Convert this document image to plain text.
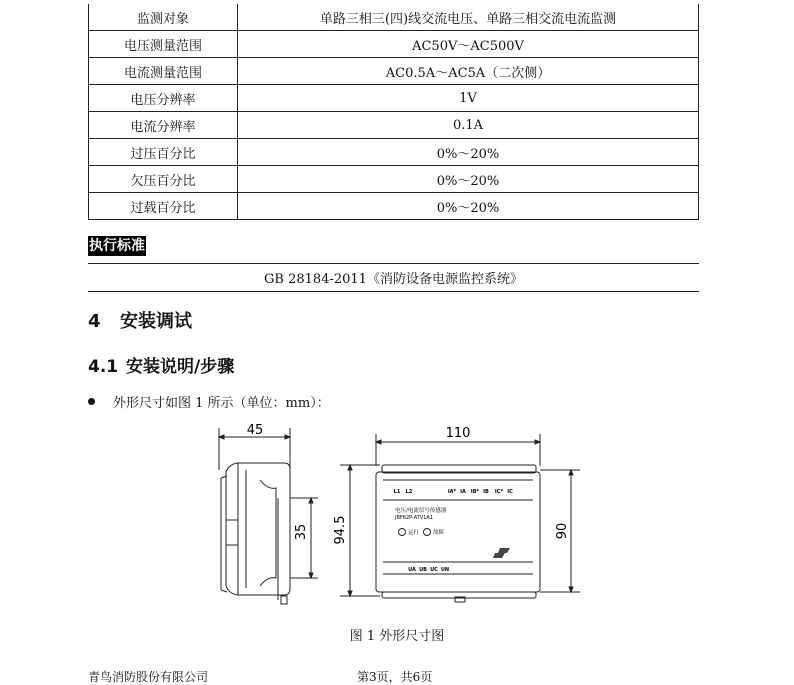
监测对象	单路三相三(四)线交流电压、单路三相交流电流监测
电压测量范围	AC50V～AC500V
电流测量范围	AC0.5A～AC5A（二次侧）
电压分辨率	1V
电流分辨率	0.1A
过压百分比	0%～20%
欠压百分比	0%～20%
过载百分比	0%～20%
执行标准
GB 28184-2011《消防设备电源监控系统》
4 安装调试
4.1 安装说明/步骤
外形尺寸如图 1 所示（单位：mm）：
45
35
110
94.5	90
L1 L2	IA* IA IB* IB IC* IC
电压/电流信号传感器
JBF62P-ATV1A1
运行	故障
UA UB UC UN
图 1 外形尺寸图
青鸟消防股份有限公司	第3页，共6页
